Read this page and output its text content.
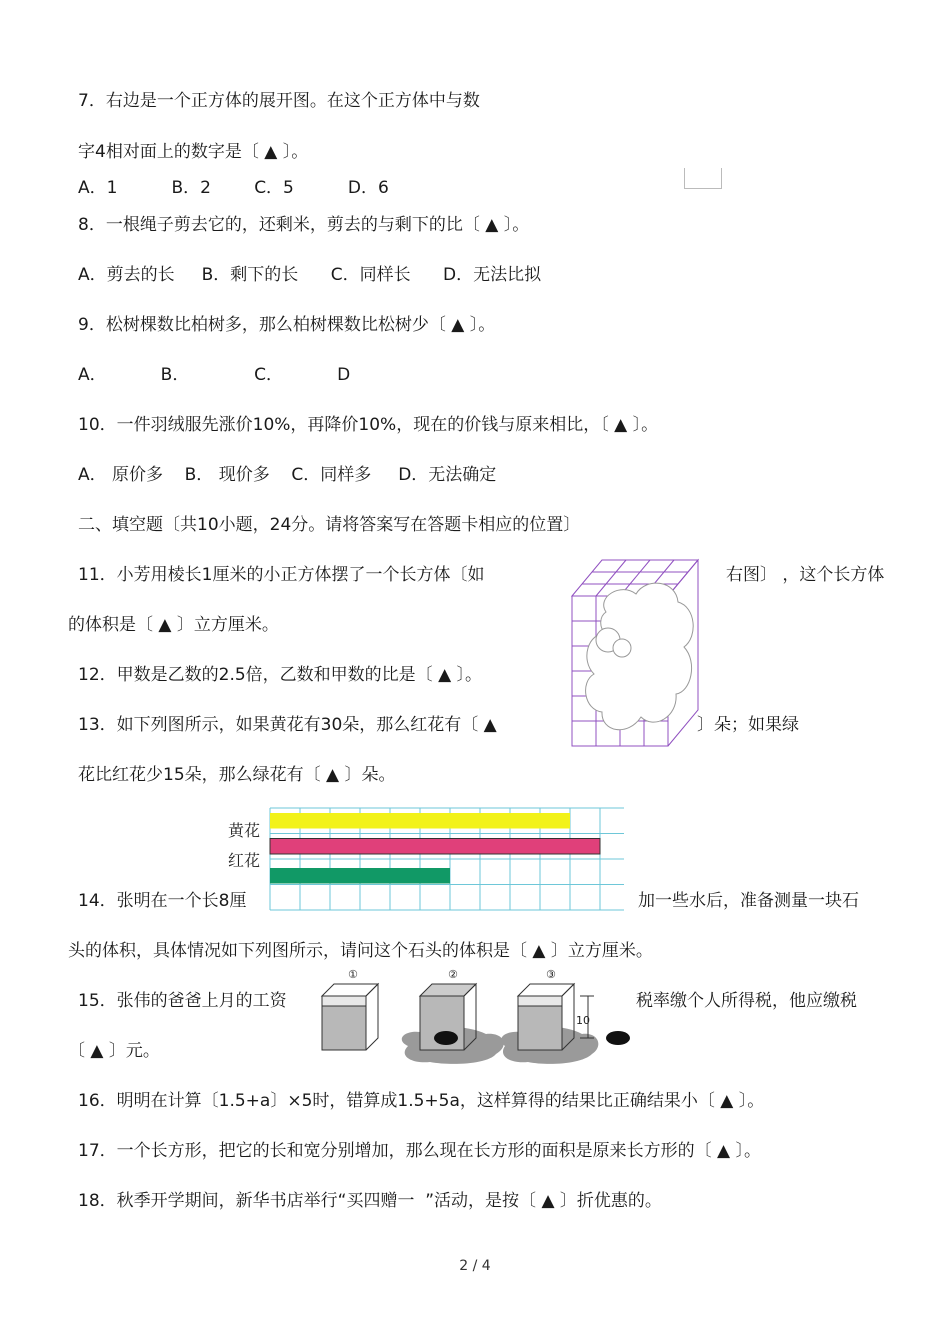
7．右边是一个正方体的展开图。在这个正方体中与数
字4相对面上的数字是〔 ▲ 〕。
A．1          B．2        C．5          D．6
8．一根绳子剪去它的，还剩米，剪去的与剩下的比〔 ▲ 〕。
A．剪去的长     B．剩下的长      C．同样长      D．无法比拟
9．松树棵数比柏树多，那么柏树棵数比松树少〔 ▲ 〕。
A．          B．            C．          D
10．一件羽绒服先涨价10%，再降价10%，现在的价钱与原来相比，〔 ▲ 〕。
A． 原价多    B． 现价多    C．同样多     D．无法确定
二、填空题〔共10小题，24分。请将答案写在答题卡相应的位置〕
11．小芳用棱长1厘米的小正方体摆了一个长方体〔如	右图〕 ，这个长方体
的体积是〔 ▲ 〕立方厘米。
12．甲数是乙数的2.5倍，乙数和甲数的比是〔 ▲ 〕。
13．如下列图所示，如果黄花有30朵，那么红花有〔 ▲	〕朵；如果绿
花比红花少15朵，那么绿花有〔 ▲ 〕朵。
14．张明在一个长8厘	加一些水后，准备测量一块石
头的体积，具体情况如下列图所示，请问这个石头的体积是〔 ▲ 〕立方厘米。
15．张伟的爸爸上月的工资	税率缴个人所得税，他应缴税
〔 ▲ 〕元。
16．明明在计算〔1.5+a〕×5时，错算成1.5+5a，这样算得的结果比正确结果小〔 ▲ 〕。
17．一个长方形，把它的长和宽分别增加，那么现在长方形的面积是原来长方形的〔 ▲ 〕。
18．秋季开学期间，新华书店举行“买四赠一  ”活动，是按〔 ▲ 〕折优惠的。
黄花
红花
①	②	③
10
2 / 4
